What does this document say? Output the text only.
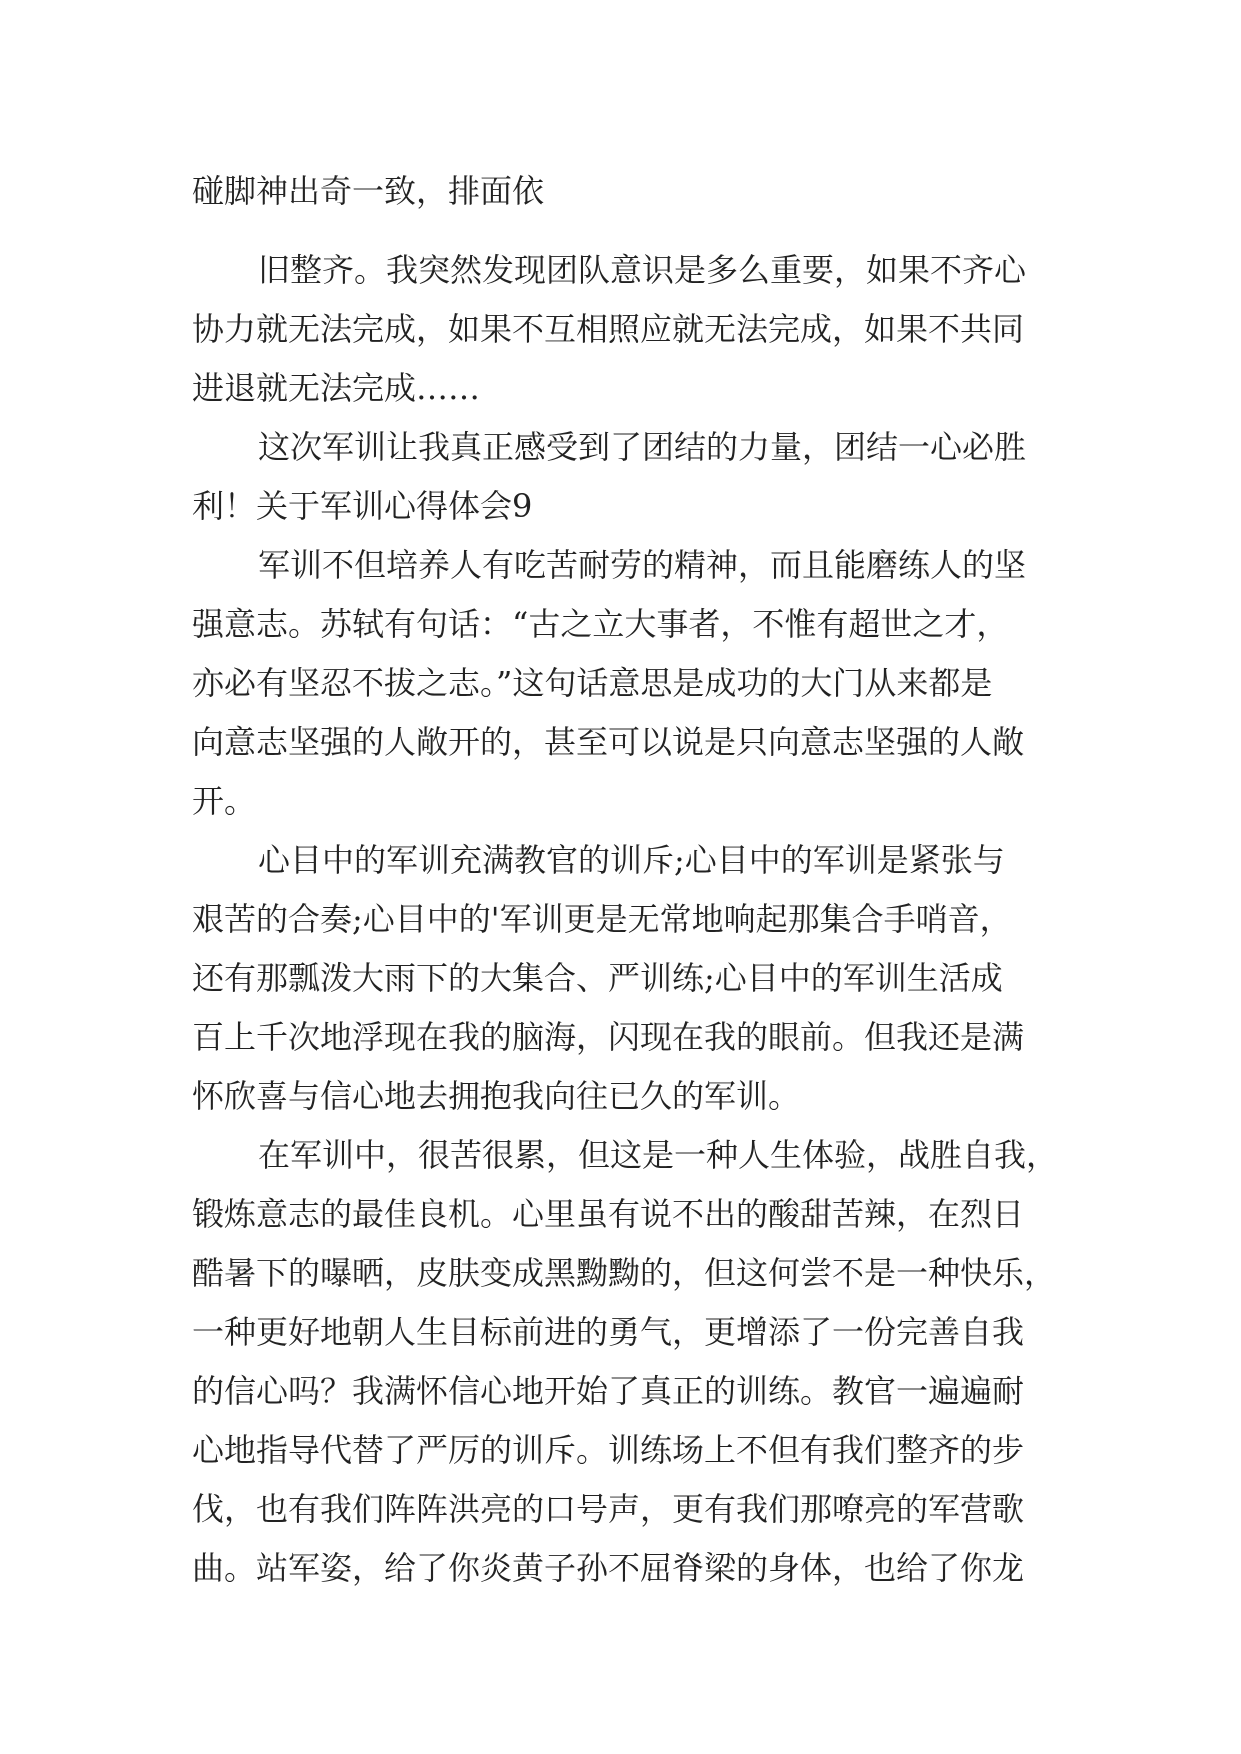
碰脚神出奇一致，排面依
旧整齐。我突然发现团队意识是多么重要，如果不齐心
协力就无法完成，如果不互相照应就无法完成，如果不共同
进退就无法完成……
这次军训让我真正感受到了团结的力量，团结一心必胜
利！关于军训心得体会9
军训不但培养人有吃苦耐劳的精神，而且能磨练人的坚
强意志。苏轼有句话：“古之立大事者，不惟有超世之才，
亦必有坚忍不拔之志。”这句话意思是成功的大门从来都是
向意志坚强的人敞开的，甚至可以说是只向意志坚强的人敞
开。
心目中的军训充满教官的训斥;心目中的军训是紧张与
艰苦的合奏;心目中的'军训更是无常地响起那集合手哨音，
还有那瓢泼大雨下的大集合、严训练;心目中的军训生活成
百上千次地浮现在我的脑海，闪现在我的眼前。但我还是满
怀欣喜与信心地去拥抱我向往已久的军训。
在军训中，很苦很累，但这是一种人生体验，战胜自我，
锻炼意志的最佳良机。心里虽有说不出的酸甜苦辣，在烈日
酷暑下的曝晒，皮肤变成黑黝黝的，但这何尝不是一种快乐，
一种更好地朝人生目标前进的勇气，更增添了一份完善自我
的信心吗？我满怀信心地开始了真正的训练。教官一遍遍耐
心地指导代替了严厉的训斥。训练场上不但有我们整齐的步
伐，也有我们阵阵洪亮的口号声，更有我们那嘹亮的军营歌
曲。站军姿，给了你炎黄子孙不屈脊梁的身体，也给了你龙
